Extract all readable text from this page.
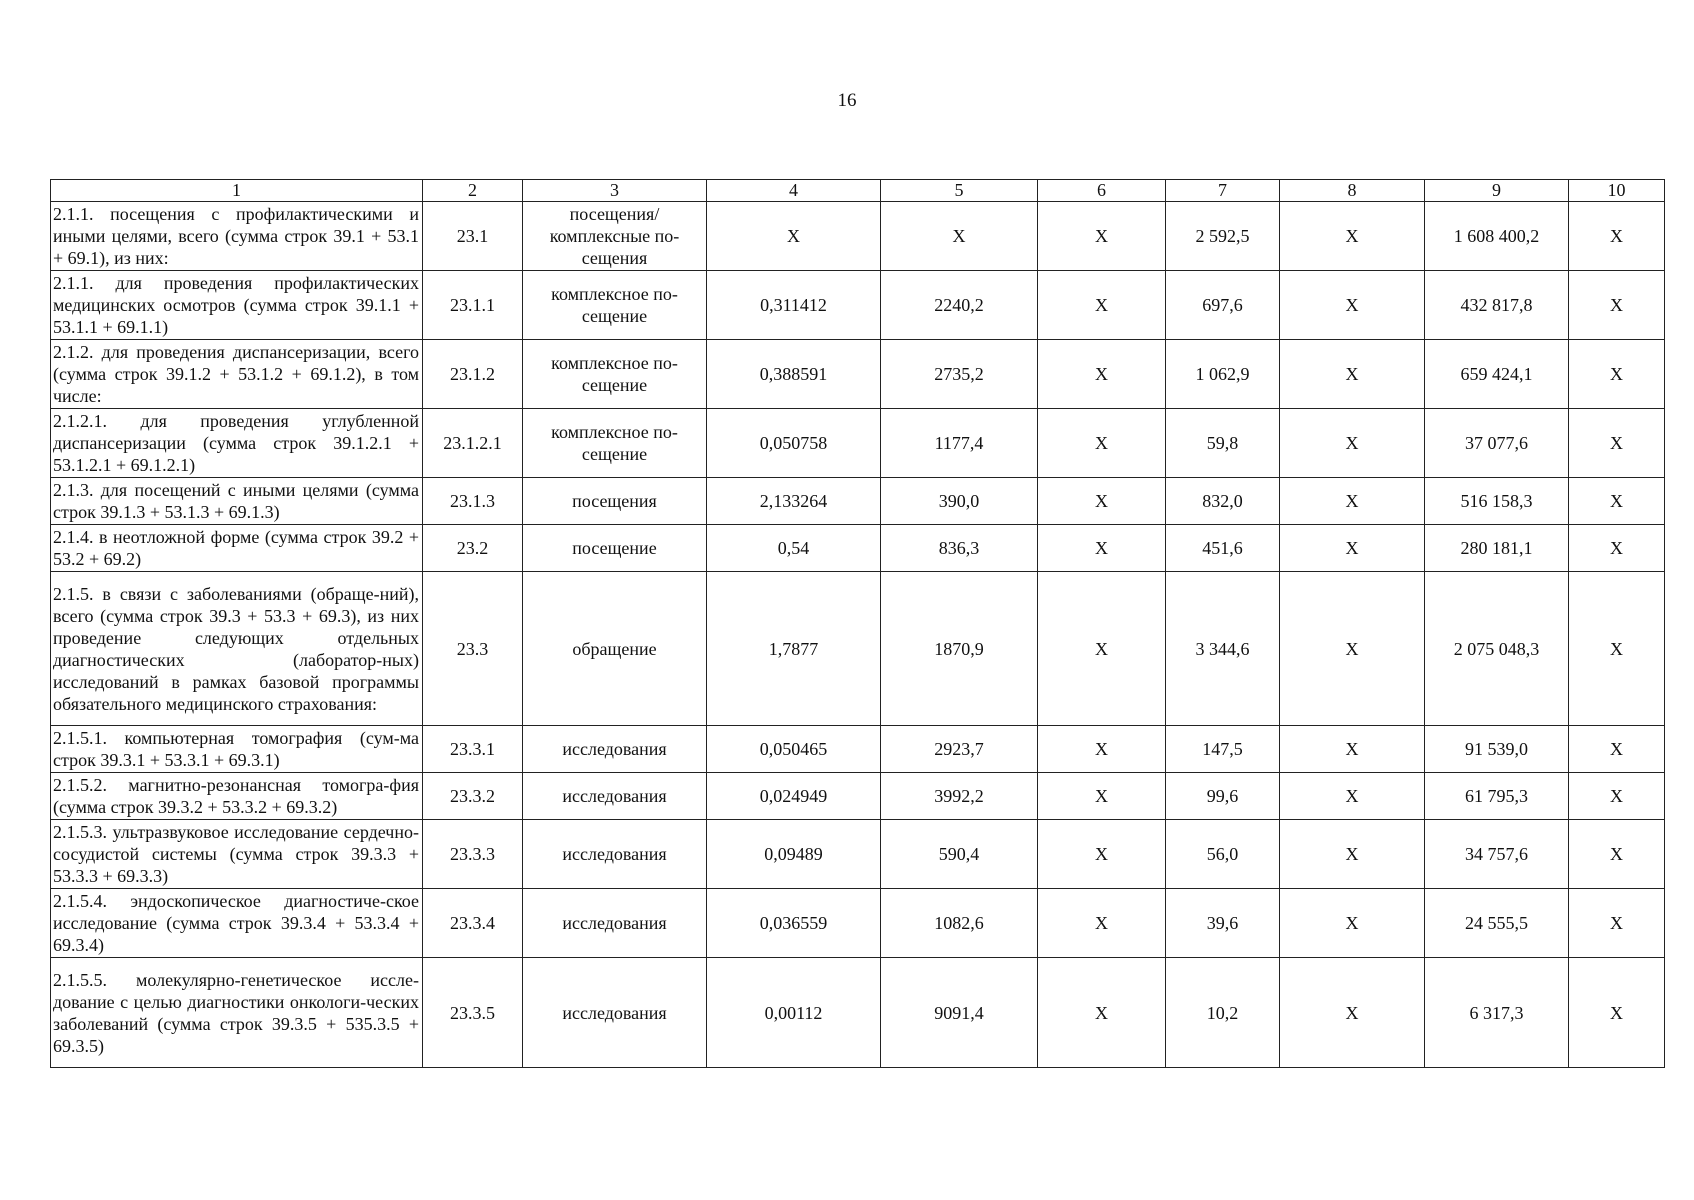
16
1	2	3	4	5	6	7	8	9	10
2.1.1. посещения с профилактическими и иными целями, всего (сумма строк 39.1 + 53.1 + 69.1), из них:	23.1	посещения/ комплексные по-сещения	Х	Х	Х	2 592,5	Х	1 608 400,2	Х
2.1.1. для проведения профилактических медицинских осмотров (сумма строк 39.1.1 + 53.1.1 + 69.1.1)	23.1.1	комплексное по-сещение	0,311412	2240,2	Х	697,6	Х	432 817,8	Х
2.1.2. для проведения диспансеризации, всего (сумма строк 39.1.2 + 53.1.2 + 69.1.2), в том числе:	23.1.2	комплексное по-сещение	0,388591	2735,2	Х	1 062,9	Х	659 424,1	Х
2.1.2.1. для проведения углубленной диспансеризации (сумма строк 39.1.2.1 + 53.1.2.1 + 69.1.2.1)	23.1.2.1	комплексное по-сещение	0,050758	1177,4	Х	59,8	Х	37 077,6	Х
2.1.3. для посещений с иными целями (сумма строк 39.1.3 + 53.1.3 + 69.1.3)	23.1.3	посещения	2,133264	390,0	Х	832,0	Х	516 158,3	Х
2.1.4. в неотложной форме (сумма строк 39.2 + 53.2 + 69.2)	23.2	посещение	0,54	836,3	Х	451,6	Х	280 181,1	Х
2.1.5. в связи с заболеваниями (обраще-ний), всего (сумма строк 39.3 + 53.3 + 69.3), из них проведение следующих отдельных диагностических (лаборатор-ных) исследований в рамках базовой программы обязательного медицинского страхования:	23.3	обращение	1,7877	1870,9	Х	3 344,6	Х	2 075 048,3	Х
2.1.5.1. компьютерная томография (сум-ма строк 39.3.1 + 53.3.1 + 69.3.1)	23.3.1	исследования	0,050465	2923,7	Х	147,5	Х	91 539,0	Х
2.1.5.2. магнитно-резонансная томогра-фия (сумма строк 39.3.2 + 53.3.2 + 69.3.2)	23.3.2	исследования	0,024949	3992,2	Х	99,6	Х	61 795,3	Х
2.1.5.3. ультразвуковое исследование сердечно-сосудистой системы (сумма строк 39.3.3 + 53.3.3 + 69.3.3)	23.3.3	исследования	0,09489	590,4	Х	56,0	Х	34 757,6	Х
2.1.5.4. эндоскопическое диагностиче-ское исследование (сумма строк 39.3.4 + 53.3.4 + 69.3.4)	23.3.4	исследования	0,036559	1082,6	Х	39,6	Х	24 555,5	Х
2.1.5.5. молекулярно-генетическое иссле-дование с целью диагностики онкологи-ческих заболеваний (сумма строк 39.3.5 + 535.3.5 + 69.3.5)	23.3.5	исследования	0,00112	9091,4	Х	10,2	Х	6 317,3	Х
